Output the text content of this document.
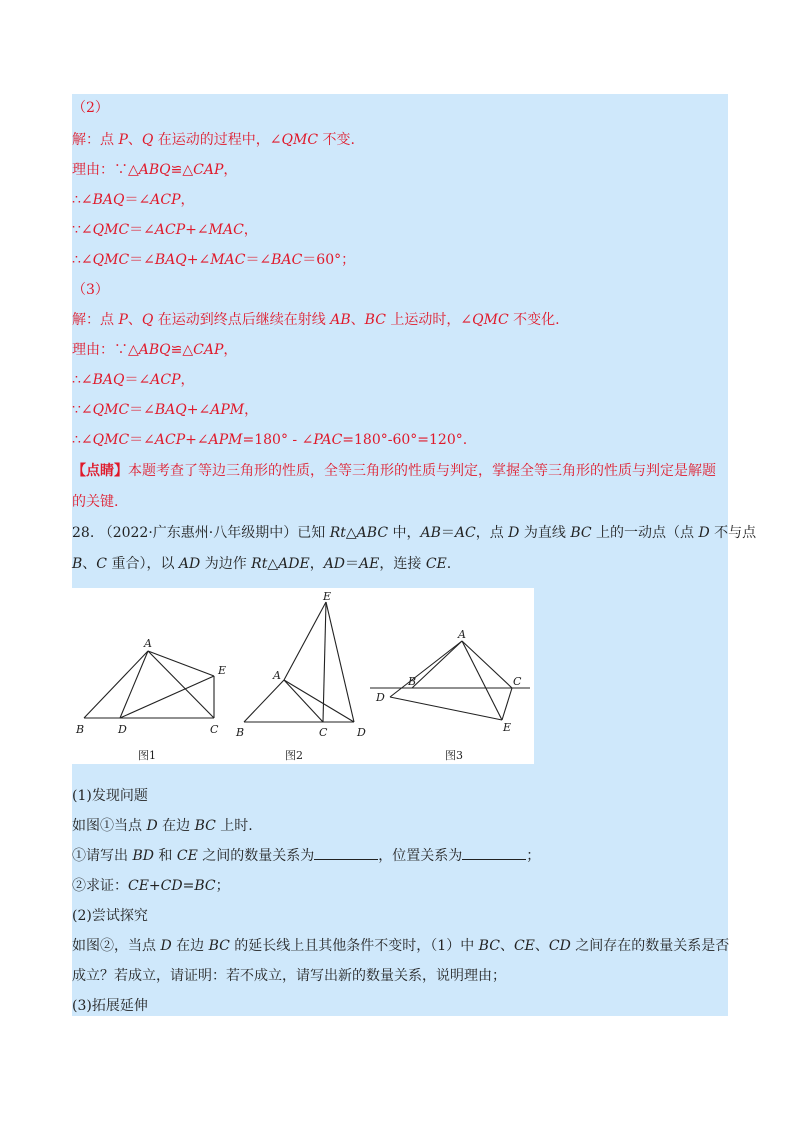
（2）
解：点 P、Q 在运动的过程中，∠QMC 不变.
理由：∵△ABQ≌△CAP，
∴∠BAQ＝∠ACP，
∵∠QMC＝∠ACP+∠MAC，
∴∠QMC＝∠BAQ+∠MAC＝∠BAC＝60°；
（3）
解：点 P、Q 在运动到终点后继续在射线 AB、BC 上运动时，∠QMC 不变化.
理由：∵△ABQ≌△CAP，
∴∠BAQ＝∠ACP，
∵∠QMC＝∠BAQ+∠APM，
∴∠QMC＝∠ACP+∠APM=180° - ∠PAC=180°-60°=120°.
【点睛】本题考查了等边三角形的性质，全等三角形的性质与判定，掌握全等三角形的性质与判定是解题
的关键.
28. （2022·广东惠州·八年级期中）已知 Rt△ABC 中，AB＝AC，点 D 为直线 BC 上的一动点（点 D 不与点
B、C 重合），以 AD 为边作 Rt△ADE，AD＝AE，连接 CE.
A
E
B	D	C
图1
E
A
B	C	D
图2
A
B	C
D
E
图3
(1)发现问题
如图①当点 D 在边 BC 上时.
①请写出 BD 和 CE 之间的数量关系为	，位置关系为	；
②求证：CE+CD=BC；
(2)尝试探究
如图②，当点 D 在边 BC 的延长线上且其他条件不变时，（1）中 BC、CE、CD 之间存在的数量关系是否
成立？若成立，请证明：若不成立，请写出新的数量关系，说明理由；
(3)拓展延伸
